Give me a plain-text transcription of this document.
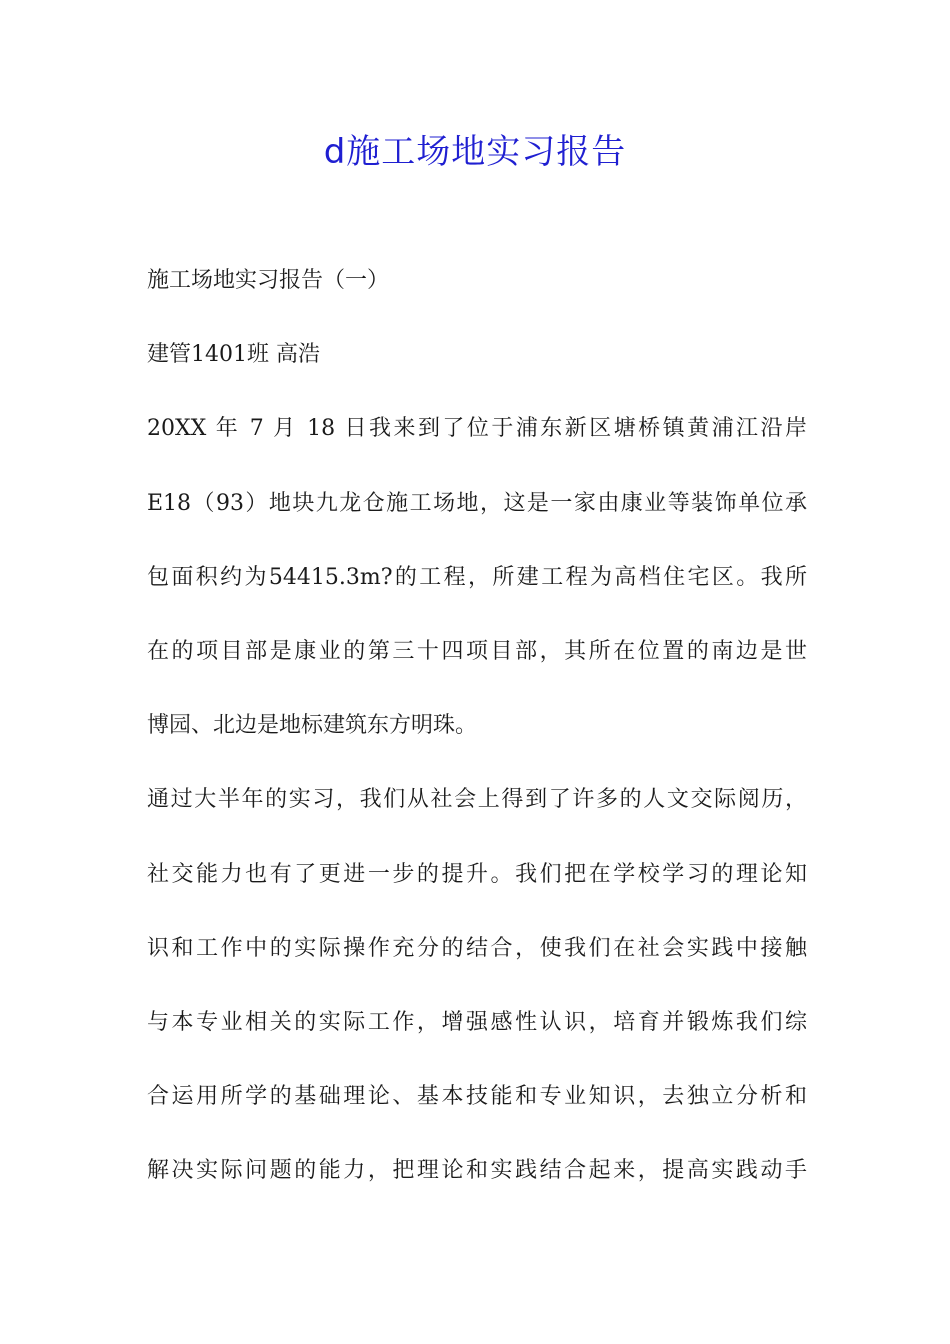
d施工场地实习报告
施工场地实习报告（一）
建管1401班 高浩
20XX 年 7 月 18 日我来到了位于浦东新区塘桥镇黄浦江沿岸
E18（93）地块九龙仓施工场地，这是一家由康业等装饰单位承
包面积约为54415.3m?的工程，所建工程为高档住宅区。我所
在的项目部是康业的第三十四项目部，其所在位置的南边是世
博园、北边是地标建筑东方明珠。
通过大半年的实习，我们从社会上得到了许多的人文交际阅历，
社交能力也有了更进一步的提升。我们把在学校学习的理论知
识和工作中的实际操作充分的结合，使我们在社会实践中接触
与本专业相关的实际工作，增强感性认识，培育并锻炼我们综
合运用所学的基础理论、基本技能和专业知识，去独立分析和
解决实际问题的能力，把理论和实践结合起来，提高实践动手
